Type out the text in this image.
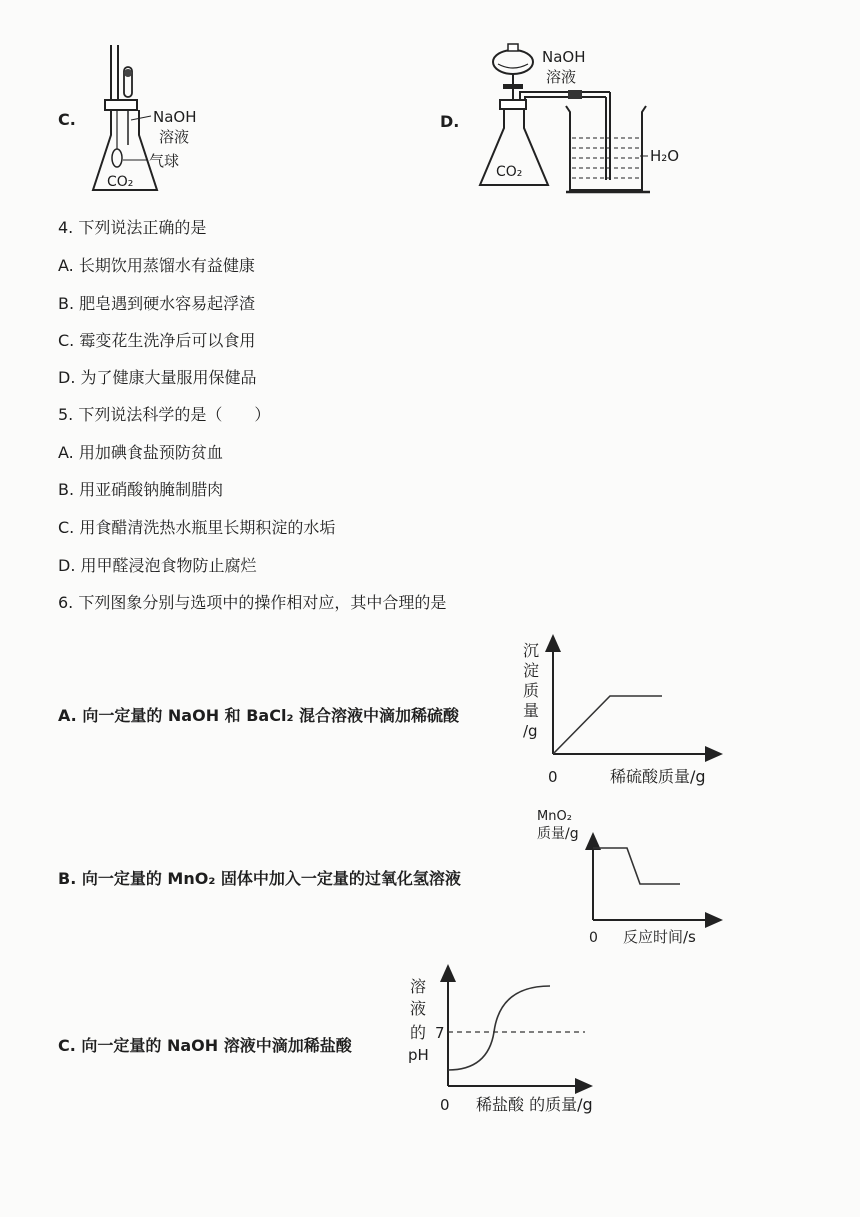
C.	NaOH
溶液
气球
CO₂
D.
NaOH
溶液
CO₂
H₂O
4. 下列说法正确的是
A. 长期饮用蒸馏水有益健康
B. 肥皂遇到硬水容易起浮渣
C. 霉变花生洗净后可以食用
D. 为了健康大量服用保健品
5. 下列说法科学的是（　　）
A. 用加碘食盐预防贫血
B. 用亚硝酸钠腌制腊肉
C. 用食醋清洗热水瓶里长期积淀的水垢
D. 用甲醛浸泡食物防止腐烂
6. 下列图象分别与选项中的操作相对应，其中合理的是
A. 向一定量的 NaOH 和 BaCl₂ 混合溶液中滴加稀硫酸
沉
淀
质
量
/g
0	稀硫酸质量/g
B. 向一定量的 MnO₂ 固体中加入一定量的过氧化氢溶液
MnO₂
质量/g
0 反应时间/s
C. 向一定量的 NaOH 溶液中滴加稀盐酸
溶
液
的
pH
7
0 稀盐酸 的质量/g
